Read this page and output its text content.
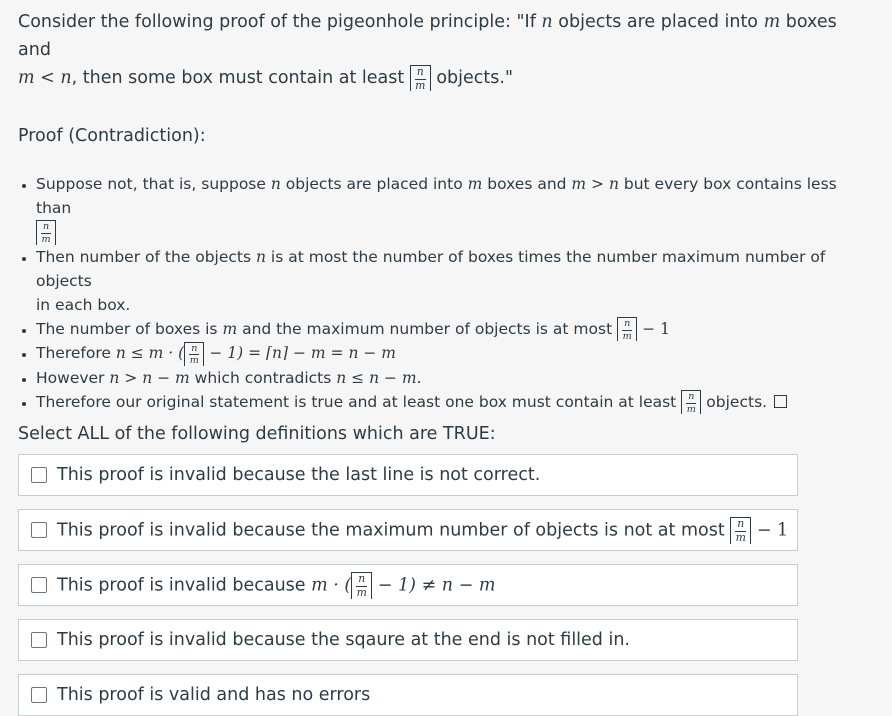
Consider the following proof of the pigeonhole principle: "If n objects are placed into m boxes and
m < n, then some box must contain at least $\frac{n}{m}$ objects."

Proof (Contradiction):

• Suppose not, that is, suppose n objects are placed into m boxes and m > n but every box contains less than

$\frac{n}{m}$
• Then number of the objects n is at most the number of boxes times the number maximum number of objects
in each box.
• The number of boxes is m and the maximum number of objects is at most $\frac{n}{m} - 1$
• Therefore n ≤ m · ( $\frac{n}{m} - 1$) = ⌈n⌉ − m = n − m
• However n > n − m which contradicts n ≤ n − m.
• Therefore our original statement is true and at least one box must contain at least $\frac{n}{m}$ objects.

Select ALL of the following definitions which are TRUE:

This proof is invalid because the last line is not correct.
This proof is invalid because the maximum number of objects is not at most $\frac{n}{m} - 1$
This proof is invalid because m · ( $\frac{n}{m} - 1) \ne n - m$
This proof is invalid because the sqaure at the end is not filled in.
This proof is valid and has no errors
